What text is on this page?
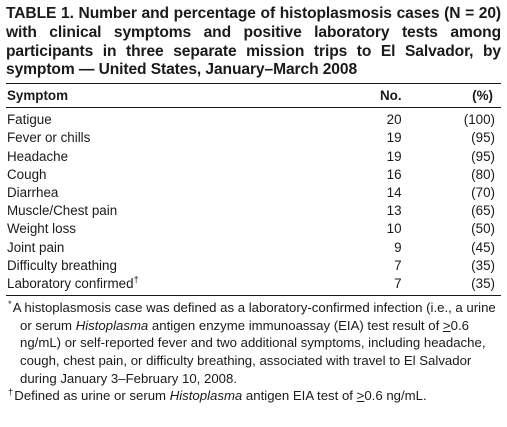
TABLE 1. Number and percentage of histoplasmosis cases (N = 20) with clinical symptoms and positive laboratory tests among participants in three separate mission trips to El Salvador, by symptom — United States, January–March 2008
Symptom	No.	(%)

Fatigue	20	(100)
Fever or chills	19	(95)
Headache	19	(95)
Cough	16	(80)
Diarrhea	14	(70)
Muscle/Chest pain	13	(65)
Weight loss	10	(50)
Joint pain	9	(45)
Difficulty breathing	7	(35)
Laboratory confirmed†	7	(35)

*A histoplasmosis case was defined as a laboratory-confirmed infection (i.e., a urine or serum Histoplasma antigen enzyme immunoassay (EIA) test result of ≥0.6 ng/mL) or self-reported fever and two additional symptoms, including headache, cough, chest pain, or difficulty breathing, associated with travel to El Salvador during January 3–February 10, 2008.

†Defined as urine or serum Histoplasma antigen EIA test of ≥0.6 ng/mL.
